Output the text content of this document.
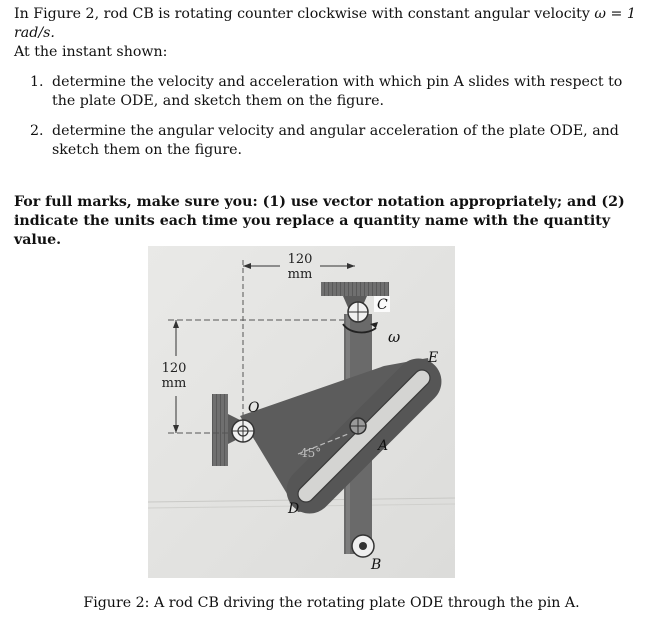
In Figure 2, rod CB is rotating counter clockwise with constant angular velocity ω = 1 rad/s.

At the instant shown:

1. determine the velocity and acceleration with which pin A slides with respect to the plate ODE, and sketch them on the figure.
2. determine the angular velocity and angular acceleration of the plate ODE, and sketch them on the figure.
For full marks, make sure you: (1) use vector notation appropriately; and (2) indicate the units each time you replace a quantity name with the quantity value.
120
mm
120
mm
45°
O
C
ω
A
B
D
E
Figure 2: A rod CB driving the rotating plate ODE through the pin A.
